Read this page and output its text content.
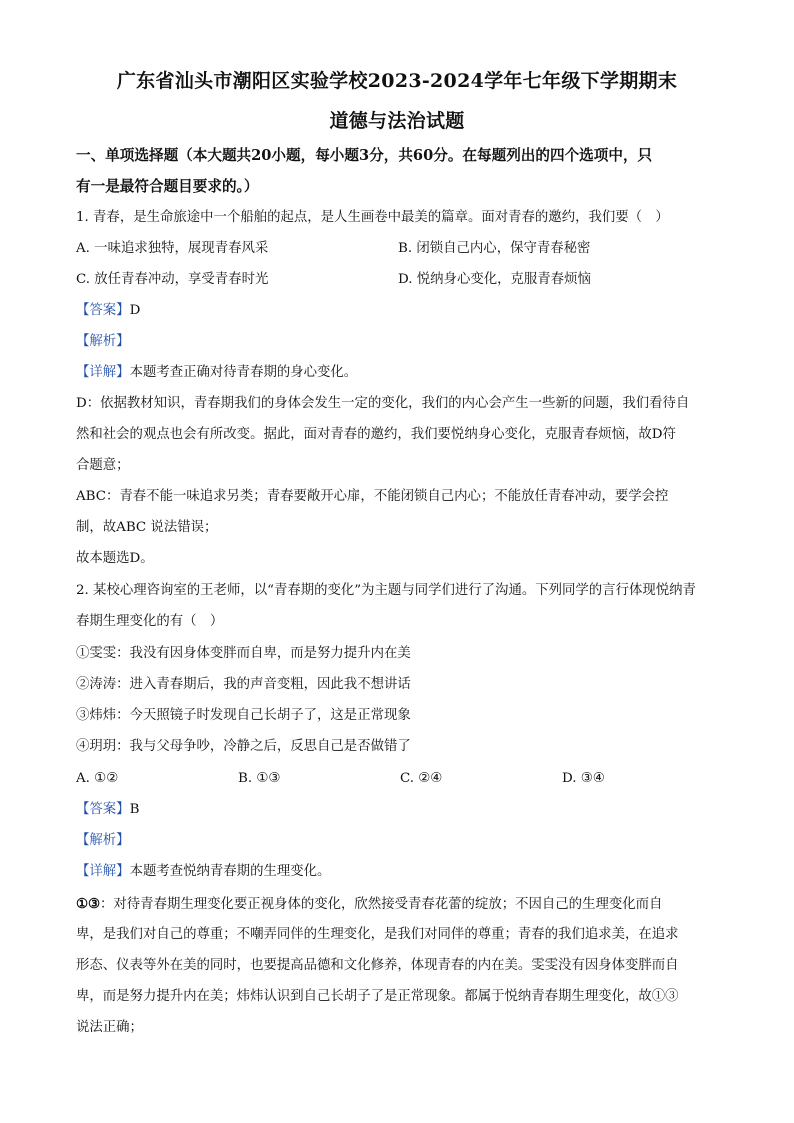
广东省汕头市潮阳区实验学校2023-2024学年七年级下学期期末
道德与法治试题
一、单项选择题（本大题共20小题，每小题3分，共60分。在每题列出的四个选项中，只
有一是最符合题目要求的。）
1. 青春，是生命旅途中一个船舶的起点，是人生画卷中最美的篇章。面对青春的邀约，我们要（　）
A. 一味追求独特，展现青春风采	B. 闭锁自己内心，保守青春秘密
C. 放任青春冲动，享受青春时光	D. 悦纳身心变化，克服青春烦恼
【答案】D
【解析】
【详解】本题考查正确对待青春期的身心变化。
D：依据教材知识，青春期我们的身体会发生一定的变化，我们的内心会产生一些新的问题，我们看待自
然和社会的观点也会有所改变。据此，面对青春的邀约，我们要悦纳身心变化，克服青春烦恼，故D符
合题意；
ABC：青春不能一味追求另类；青春要敞开心扉，不能闭锁自己内心；不能放任青春冲动，要学会控
制，故ABC 说法错误；
故本题选D。
2. 某校心理咨询室的王老师，以“青春期的变化”为主题与同学们进行了沟通。下列同学的言行体现悦纳青
春期生理变化的有（　）
①雯雯：我没有因身体变胖而自卑，而是努力提升内在美
②涛涛：进入青春期后，我的声音变粗，因此我不想讲话
③炜炜：今天照镜子时发现自己长胡子了，这是正常现象
④玥玥：我与父母争吵，冷静之后，反思自己是否做错了
A. ①②	B. ①③	C. ②④	D. ③④
【答案】B
【解析】
【详解】本题考查悦纳青春期的生理变化。
①③：对待青春期生理变化要正视身体的变化，欣然接受青春花蕾的绽放；不因自己的生理变化而自
卑，是我们对自己的尊重；不嘲弄同伴的生理变化，是我们对同伴的尊重；青春的我们追求美，在追求
形态、仪表等外在美的同时，也要提高品德和文化修养，体现青春的内在美。雯雯没有因身体变胖而自
卑，而是努力提升内在美；炜炜认识到自己长胡子了是正常现象。都属于悦纳青春期生理变化，故①③
说法正确；
